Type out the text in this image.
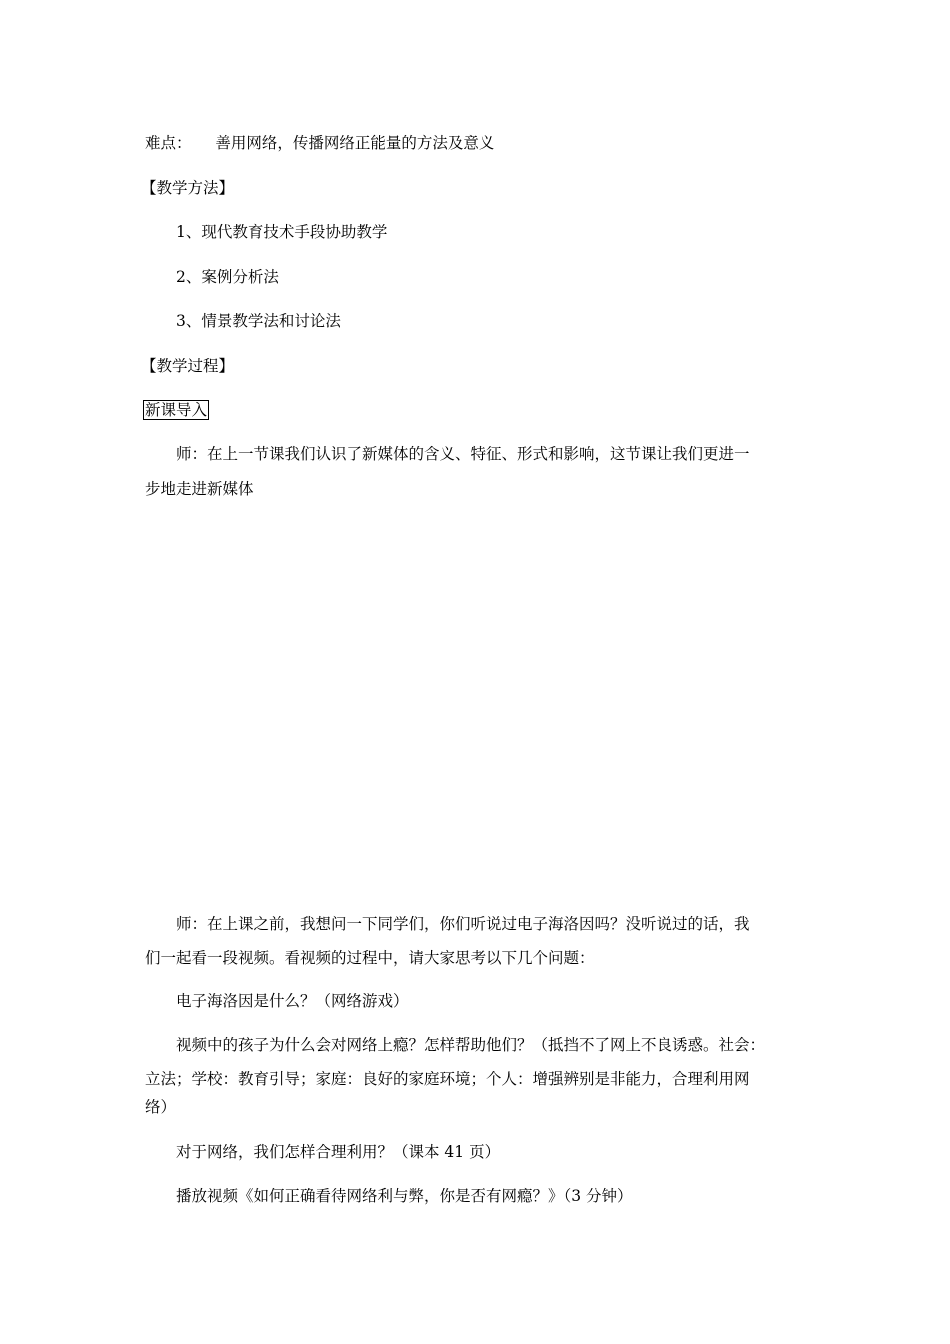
难点： 善用网络，传播网络正能量的方法及意义

【教学方法】

1、现代教育技术手段协助教学

2、案例分析法

3、情景教学法和讨论法

【教学过程】

新课导入

师：在上一节课我们认识了新媒体的含义、特征、形式和影响，这节课让我们更进一

步地走进新媒体

师：在上课之前，我想问一下同学们，你们听说过电子海洛因吗？没听说过的话，我

们一起看一段视频。看视频的过程中，请大家思考以下几个问题：

电子海洛因是什么？（网络游戏）

视频中的孩子为什么会对网络上瘾？怎样帮助他们？（抵挡不了网上不良诱惑。社会：

立法；学校：教育引导；家庭：良好的家庭环境；个人：增强辨别是非能力，合理利用网

络）

对于网络，我们怎样合理利用？（课本 41 页）

播放视频《如何正确看待网络利与弊，你是否有网瘾？》（3 分钟）
